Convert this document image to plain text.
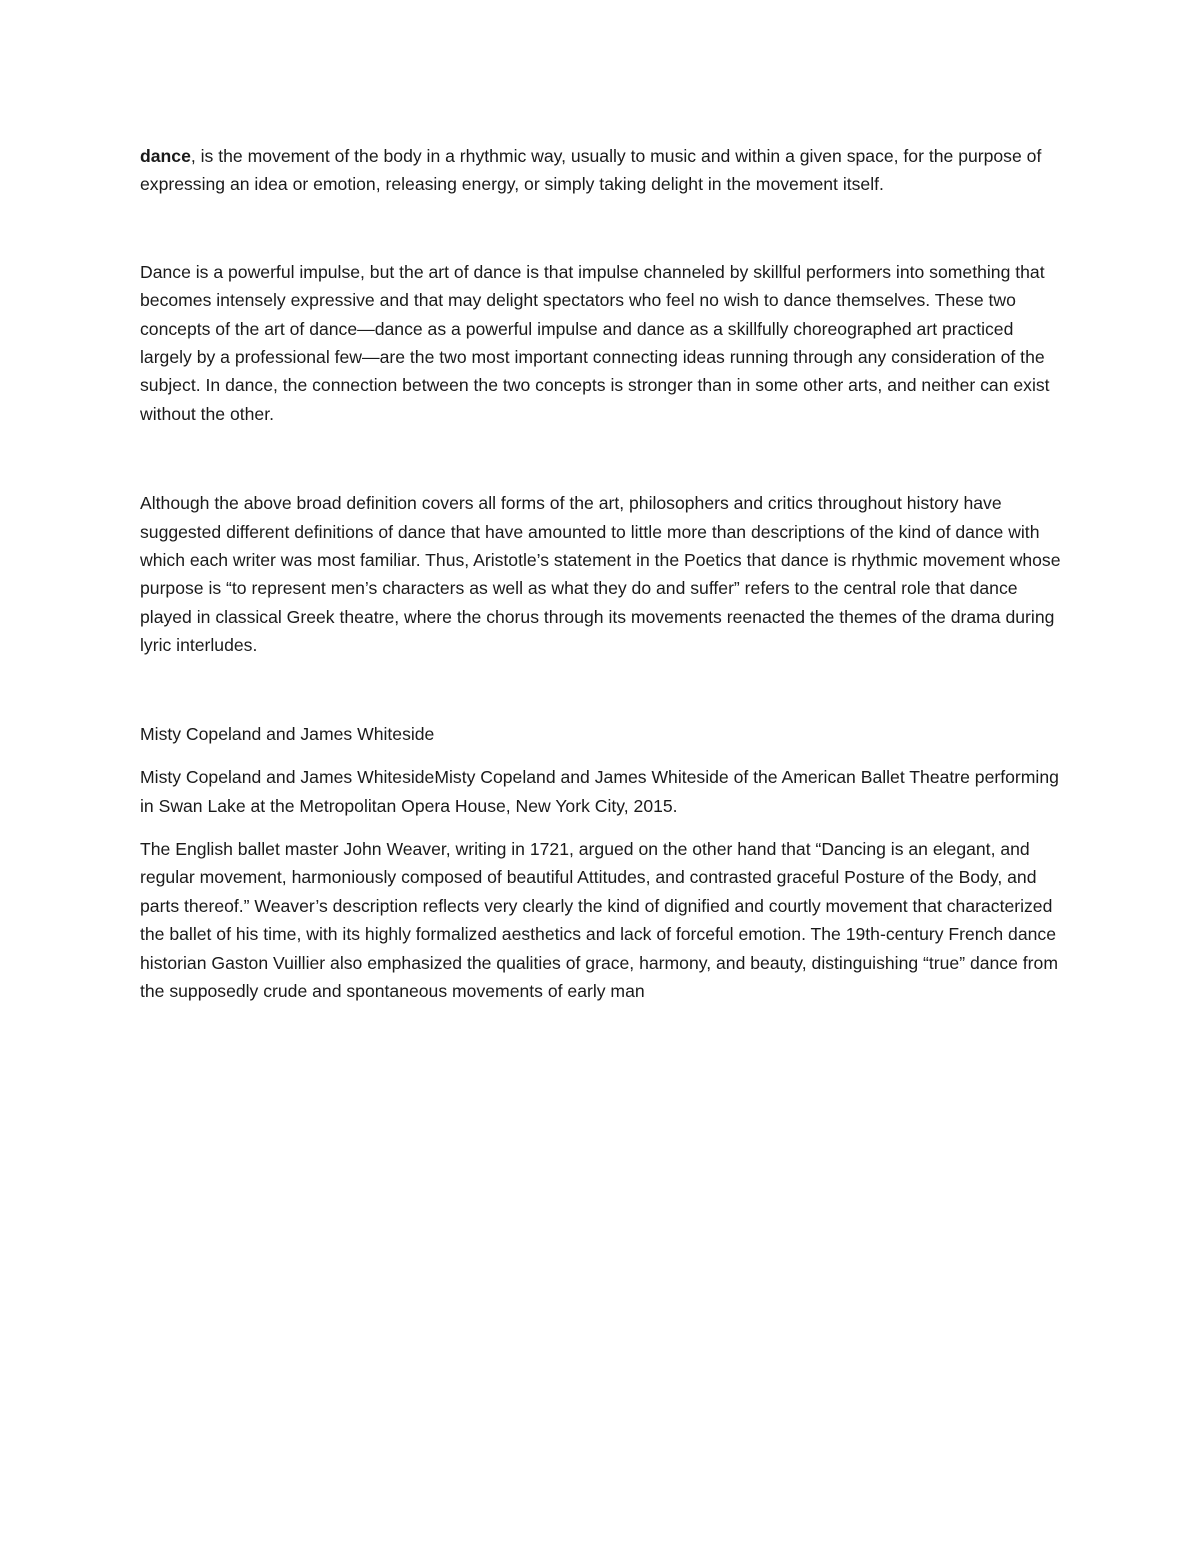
dance, is the movement of the body in a rhythmic way, usually to music and within a given space, for the purpose of expressing an idea or emotion, releasing energy, or simply taking delight in the movement itself.

Dance is a powerful impulse, but the art of dance is that impulse channeled by skillful performers into something that becomes intensely expressive and that may delight spectators who feel no wish to dance themselves. These two concepts of the art of dance—dance as a powerful impulse and dance as a skillfully choreographed art practiced largely by a professional few—are the two most important connecting ideas running through any consideration of the subject. In dance, the connection between the two concepts is stronger than in some other arts, and neither can exist without the other.

Although the above broad definition covers all forms of the art, philosophers and critics throughout history have suggested different definitions of dance that have amounted to little more than descriptions of the kind of dance with which each writer was most familiar. Thus, Aristotle’s statement in the Poetics that dance is rhythmic movement whose purpose is “to represent men’s characters as well as what they do and suffer” refers to the central role that dance played in classical Greek theatre, where the chorus through its movements reenacted the themes of the drama during lyric interludes.

Misty Copeland and James Whiteside

Misty Copeland and James WhitesideMisty Copeland and James Whiteside of the American Ballet Theatre performing in Swan Lake at the Metropolitan Opera House, New York City, 2015.

The English ballet master John Weaver, writing in 1721, argued on the other hand that “Dancing is an elegant, and regular movement, harmoniously composed of beautiful Attitudes, and contrasted graceful Posture of the Body, and parts thereof.” Weaver’s description reflects very clearly the kind of dignified and courtly movement that characterized the ballet of his time, with its highly formalized aesthetics and lack of forceful emotion. The 19th-century French dance historian Gaston Vuillier also emphasized the qualities of grace, harmony, and beauty, distinguishing “true” dance from the supposedly crude and spontaneous movements of early man
